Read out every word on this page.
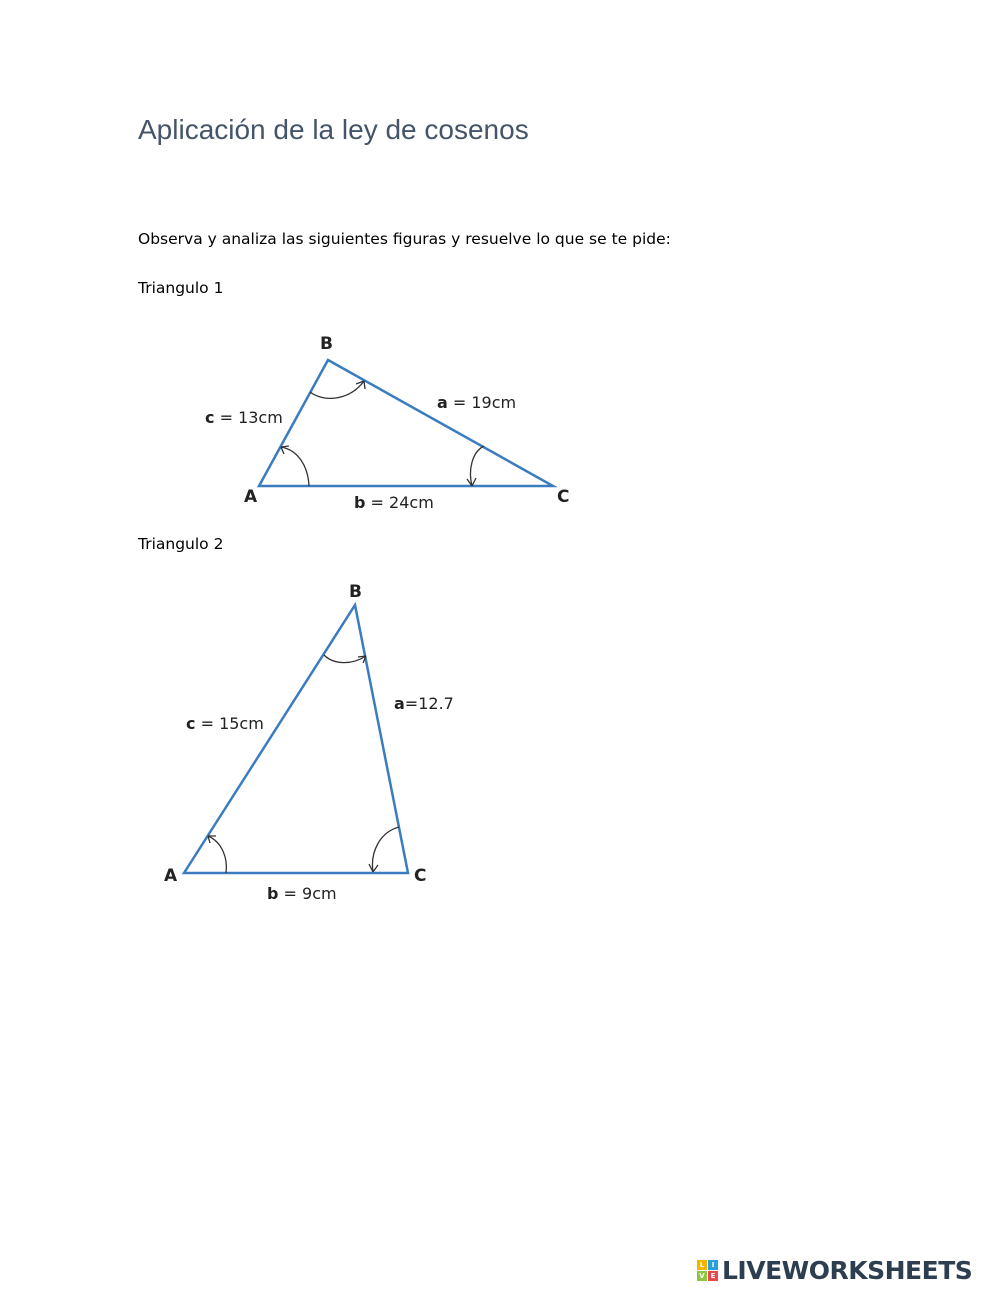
Aplicación de la ley de cosenos
Observa y analiza las siguientes figuras y resuelve lo que se te pide:
Triangulo 1
B
A	C
c = 13cm
a = 19cm
b = 24cm
B
A	C
c = 15cm
a=12.7
b = 9cm
Triangulo 2
L	I
V E LIVEWORKSHEETS
